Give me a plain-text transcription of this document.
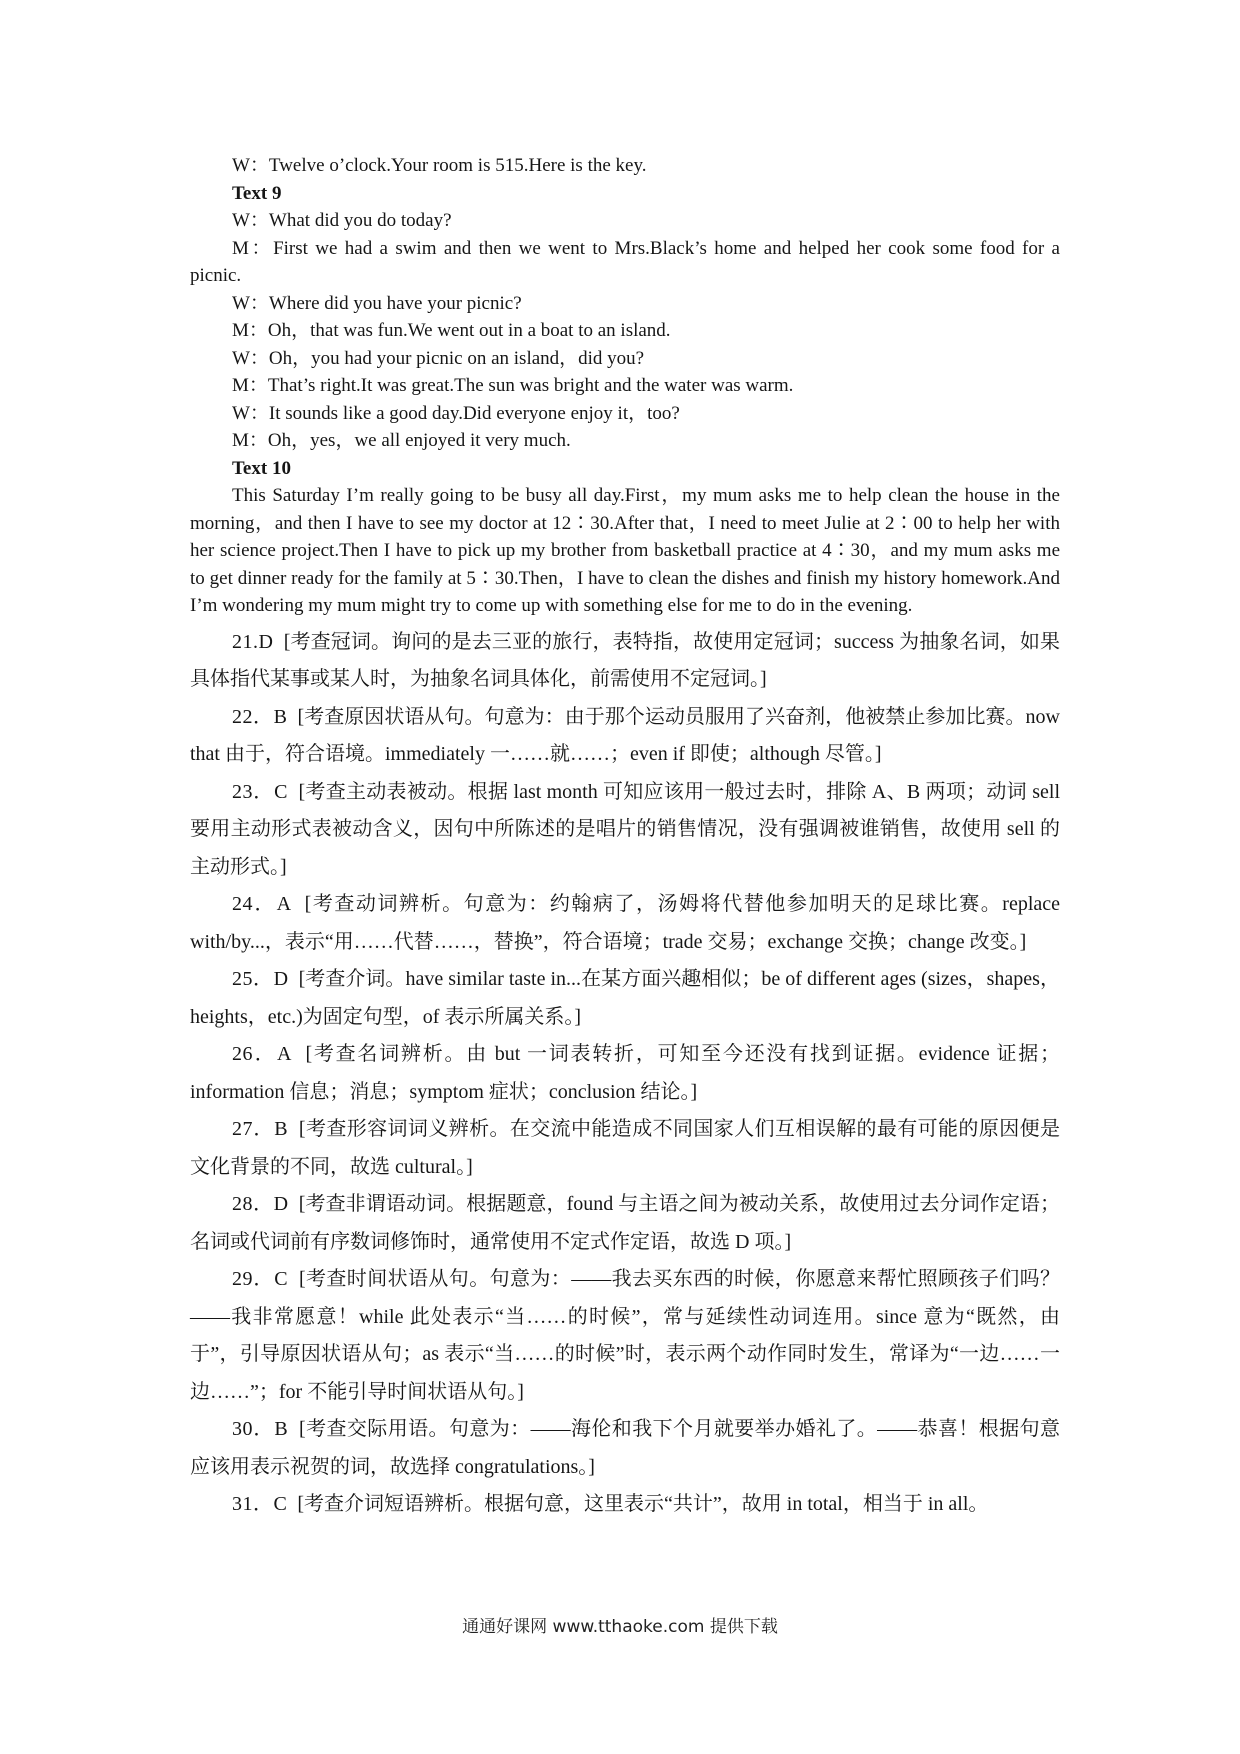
W：Twelve o’clock.Your room is 515.Here is the key.

Text 9

W：What did you do today?

M：First we had a swim and then we went to Mrs.Black’s home and helped her cook some food for a picnic.

W：Where did you have your picnic?

M：Oh，that was fun.We went out in a boat to an island.

W：Oh，you had your picnic on an island，did you?

M：That’s right.It was great.The sun was bright and the water was warm.

W：It sounds like a good day.Did everyone enjoy it，too?

M：Oh，yes，we all enjoyed it very much.

Text 10

This Saturday I’m really going to be busy all day.First，my mum asks me to help clean the house in the morning，and then I have to see my doctor at 12∶30.After that，I need to meet Julie at 2∶00 to help her with her science project.Then I have to pick up my brother from basketball practice at 4∶30，and my mum asks me to get dinner ready for the family at 5∶30.Then，I have to clean the dishes and finish my history homework.And I’m wondering my mum might try to come up with something else for me to do in the evening.

21.D [考查冠词。询问的是去三亚的旅行，表特指，故使用定冠词；success 为抽象名词，如果具体指代某事或某人时，为抽象名词具体化，前需使用不定冠词。]

22．B [考查原因状语从句。句意为：由于那个运动员服用了兴奋剂，他被禁止参加比赛。now that 由于，符合语境。immediately 一……就……；even if 即使；although 尽管。]

23．C [考查主动表被动。根据 last month 可知应该用一般过去时，排除 A、B 两项；动词 sell 要用主动形式表被动含义，因句中所陈述的是唱片的销售情况，没有强调被谁销售，故使用 sell 的主动形式。]

24．A [考查动词辨析。句意为：约翰病了，汤姆将代替他参加明天的足球比赛。replace with/by...，表示“用……代替……，替换”，符合语境；trade 交易；exchange 交换；change 改变。]

25．D [考查介词。have similar taste in...在某方面兴趣相似；be of different ages (sizes，shapes，heights，etc.)为固定句型，of 表示所属关系。]

26．A [考查名词辨析。由 but 一词表转折，可知至今还没有找到证据。evidence 证据；information 信息；消息；symptom 症状；conclusion 结论。]

27．B [考查形容词词义辨析。在交流中能造成不同国家人们互相误解的最有可能的原因便是文化背景的不同，故选 cultural。]

28．D [考查非谓语动词。根据题意，found 与主语之间为被动关系，故使用过去分词作定语；名词或代词前有序数词修饰时，通常使用不定式作定语，故选 D 项。]

29．C [考查时间状语从句。句意为：——我去买东西的时候，你愿意来帮忙照顾孩子们吗？——我非常愿意！while 此处表示“当……的时候”，常与延续性动词连用。since 意为“既然，由于”，引导原因状语从句；as 表示“当……的时候”时，表示两个动作同时发生，常译为“一边……一边……”；for 不能引导时间状语从句。]

30．B [考查交际用语。句意为：——海伦和我下个月就要举办婚礼了。——恭喜！根据句意应该用表示祝贺的词，故选择 congratulations。]

31．C [考查介词短语辨析。根据句意，这里表示“共计”，故用 in total，相当于 in all。

通通好课网 www.tthaoke.com 提供下载
